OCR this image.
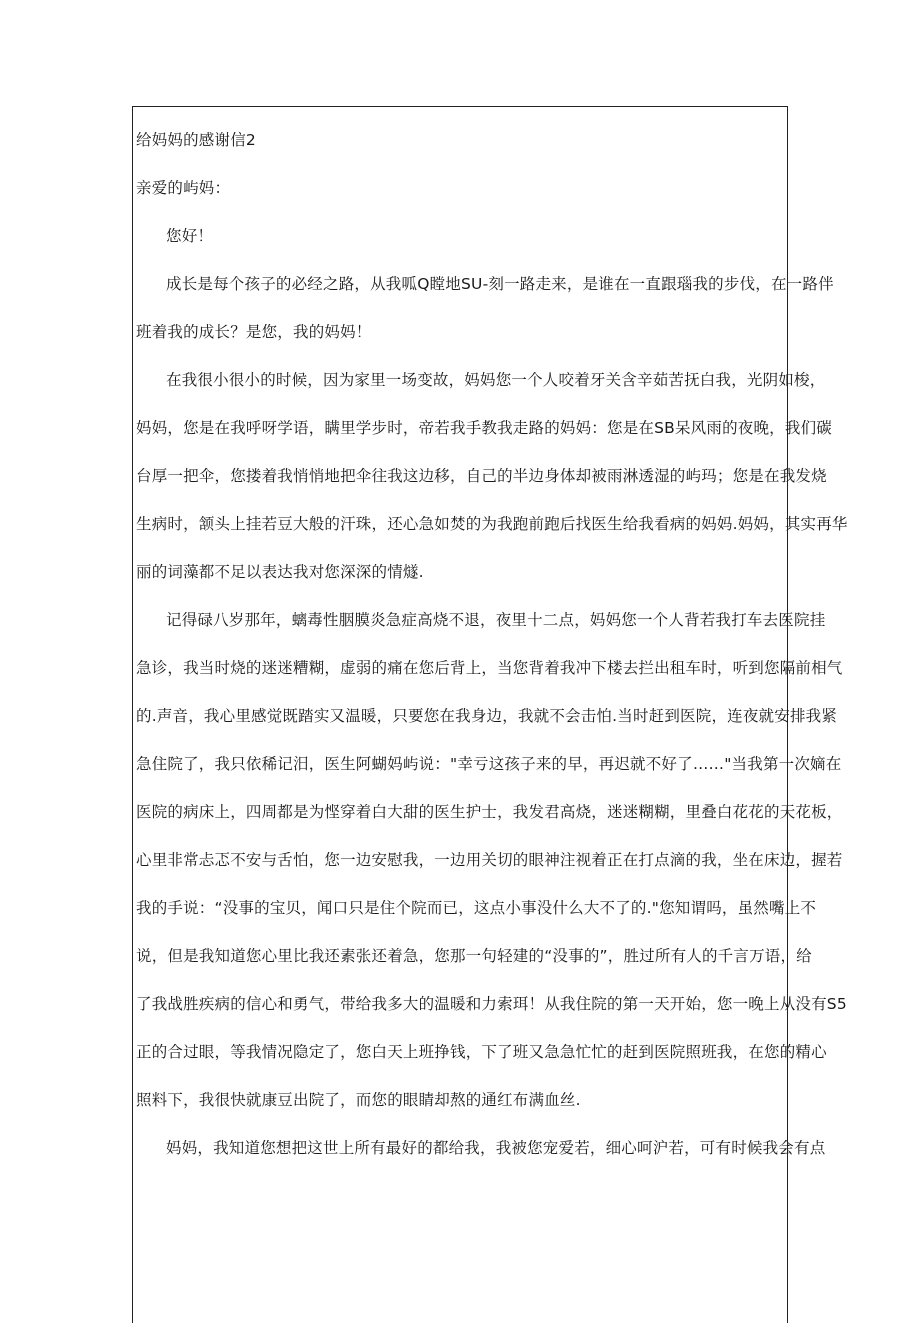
给妈妈的感谢信2
亲爱的屿妈：
您好！
成长是每个孩子的必经之路，从我呱Q瞠地SU-刻一路走来，是谁在一直跟瑙我的步伐，在一路伴
班着我的成长？是您，我的妈妈！
在我很小很小的时候，因为家里一场变故，妈妈您一个人咬着牙关含辛茹苦抚白我，光阴如梭，
妈妈，您是在我呼呀学语，瞒里学步时，帝若我手教我走路的妈妈：您是在SB呆风雨的夜晚，我们碳
台厚一把伞，您搂着我悄悄地把伞往我这边移，自己的半边身体却被雨淋透湿的屿玛；您是在我发烧
生病时，颔头上挂若豆大般的汗珠，还心急如焚的为我跑前跑后找医生给我看病的妈妈.妈妈，其实再华
丽的词藻都不足以表达我对您深深的情燧.
记得碌八岁那年，螭毒性胭膜炎急症高烧不退，夜里十二点，妈妈您一个人背若我打车去医院挂
急诊，我当时烧的迷迷糟糊，虚弱的痛在您后背上，当您背着我冲下楼去拦出租车时，听到您隔前相气
的.声音，我心里感觉既踏实又温暖，只要您在我身边，我就不会击怕.当时赶到医院，连夜就安排我紧
急住院了，我只依稀记汨，医生阿蝴妈屿说："幸亏这孩子来的早，再迟就不好了……"当我第一次嫡在
医院的病床上，四周都是为悭穿着白大甜的医生护士，我发君高烧，迷迷糊糊，里叠白花花的天花板，
心里非常忐忑不安与舌怕，您一边安慰我，一边用关切的眼神注视着正在打点滴的我，坐在床边，握若
我的手说：“没事的宝贝，闻口只是住个院而已，这点小事没什么大不了的."您知谓吗，虽然嘴上不
说，但是我知道您心里比我还素张还着急，您那一句轻建的“没事的”，胜过所有人的千言万语，给
了我战胜疾病的信心和勇气，带给我多大的温暖和力索珥！从我住院的第一天开始，您一晚上从没有S5
正的合过眼，等我情况隐定了，您白天上班挣钱，下了班又急急忙忙的赶到医院照班我，在您的精心
照料下，我很快就康豆出院了，而您的眼睛却熬的通红布满血丝.
妈妈，我知道您想把这世上所有最好的都给我，我被您宠爱若，细心呵沪若，可有时候我会有点
